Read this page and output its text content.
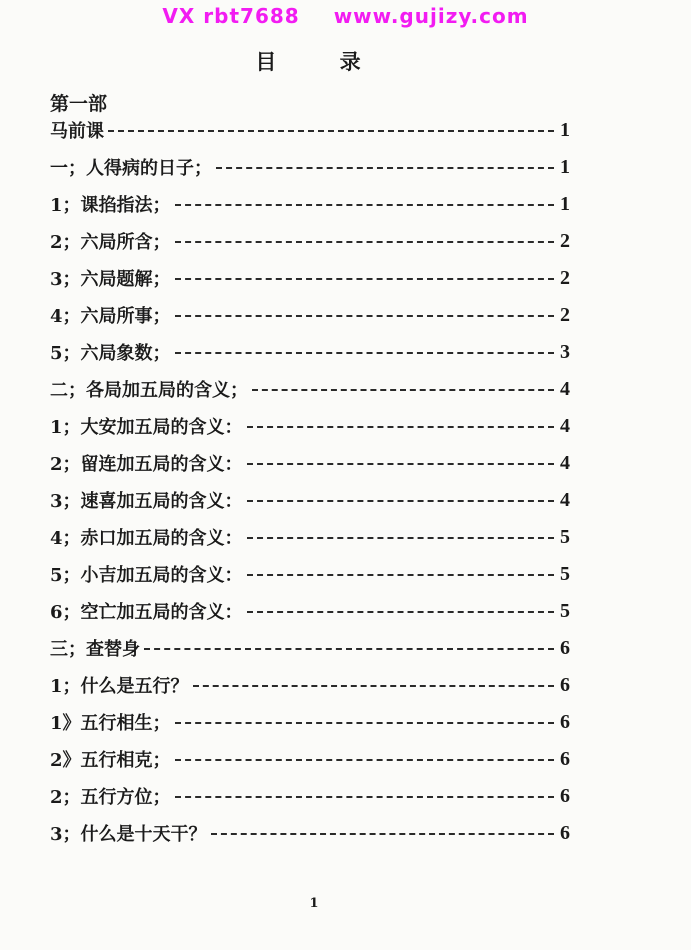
VX rbt7688 www.gujizy.com
目 录
第一部
马前课	1
一； 人得病的日子；	1
1； 课掐指法；	1
2； 六局所含；	2
3； 六局题解；	2
4； 六局所事；	2
5； 六局象数；	3
二； 各局加五局的含义；	4
1； 大安加五局的含义：	4
2； 留连加五局的含义：	4
3； 速喜加五局的含义：	4
4； 赤口加五局的含义：	5
5； 小吉加五局的含义：	5
6； 空亡加五局的含义：	5
三； 查替身	6
1； 什么是五行？	6
1》 五行相生；	6
2》 五行相克；	6
2； 五行方位；	6
3； 什么是十天干？	6
1
